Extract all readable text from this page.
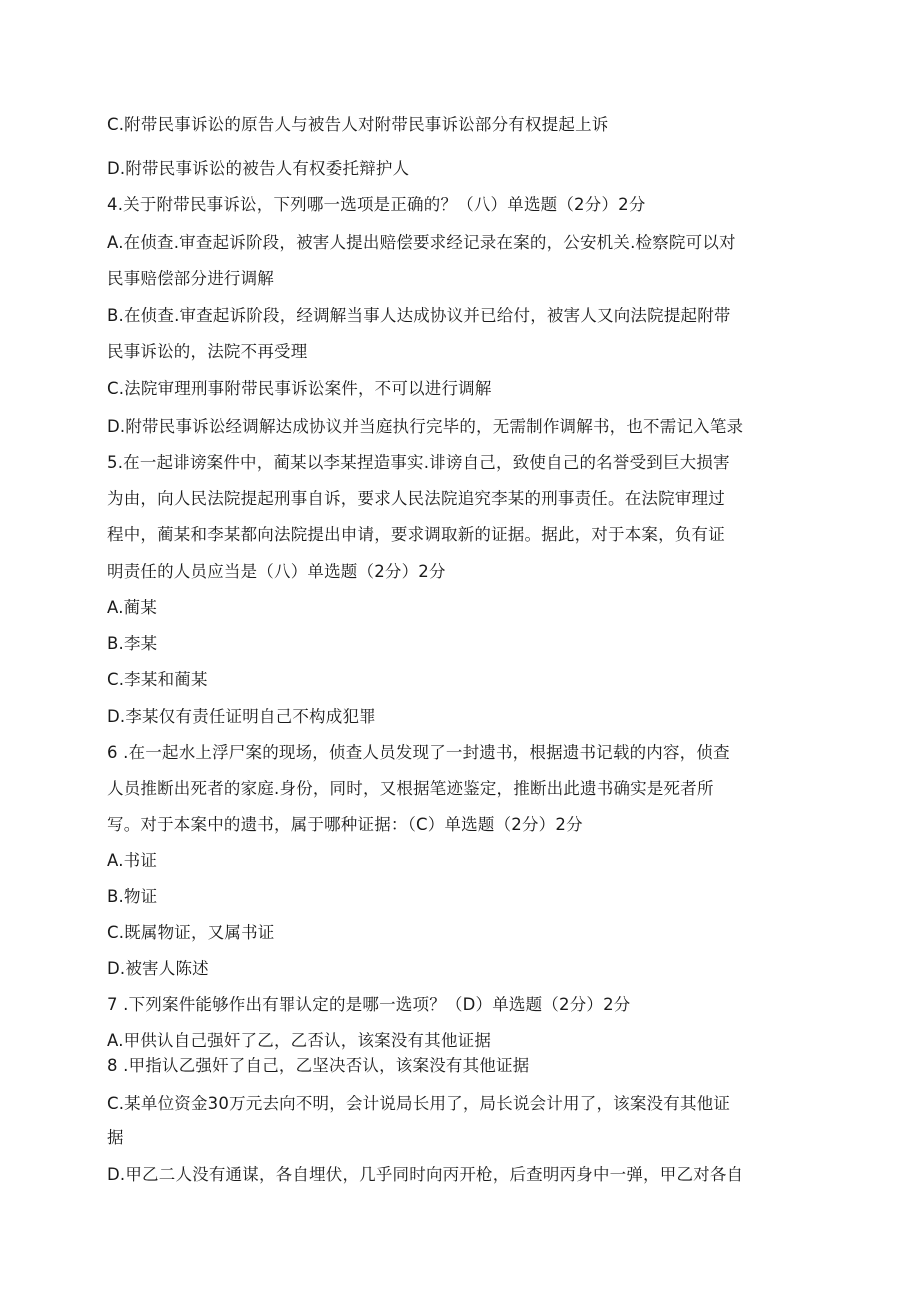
C.附带民事诉讼的原告人与被告人对附带民事诉讼部分有权提起上诉
D.附带民事诉讼的被告人有权委托辩护人
4.关于附带民事诉讼，下列哪一选项是正确的？（八）单选题（2分）2分
A.在侦查.审查起诉阶段，被害人提出赔偿要求经记录在案的，公安机关.检察院可以对
民事赔偿部分进行调解
B.在侦查.审查起诉阶段，经调解当事人达成协议并已给付，被害人又向法院提起附带
民事诉讼的，法院不再受理
C.法院审理刑事附带民事诉讼案件，不可以进行调解
D.附带民事诉讼经调解达成协议并当庭执行完毕的，无需制作调解书，也不需记入笔录
5.在一起诽谤案件中，蔺某以李某捏造事实.诽谤自己，致使自己的名誉受到巨大损害
为由，向人民法院提起刑事自诉，要求人民法院追究李某的刑事责任。在法院审理过
程中，蔺某和李某都向法院提出申请，要求调取新的证据。据此，对于本案，负有证
明责任的人员应当是（八）单选题（2分）2分
A.蔺某
B.李某
C.李某和蔺某
D.李某仅有责任证明自己不构成犯罪
6 .在一起水上浮尸案的现场，侦查人员发现了一封遗书，根据遗书记载的内容，侦查
人员推断出死者的家庭.身份，同时，又根据笔迹鉴定，推断出此遗书确实是死者所
写。对于本案中的遗书，属于哪种证据：（C）单选题（2分）2分
A.书证
B.物证
C.既属物证，又属书证
D.被害人陈述
7 .下列案件能够作出有罪认定的是哪一选项？（D）单选题（2分）2分
A.甲供认自己强奸了乙，乙否认，该案没有其他证据
8 .甲指认乙强奸了自己，乙坚决否认，该案没有其他证据
C.某单位资金30万元去向不明，会计说局长用了，局长说会计用了，该案没有其他证
据
D.甲乙二人没有通谋，各自埋伏，几乎同时向丙开枪，后查明丙身中一弹，甲乙对各自
